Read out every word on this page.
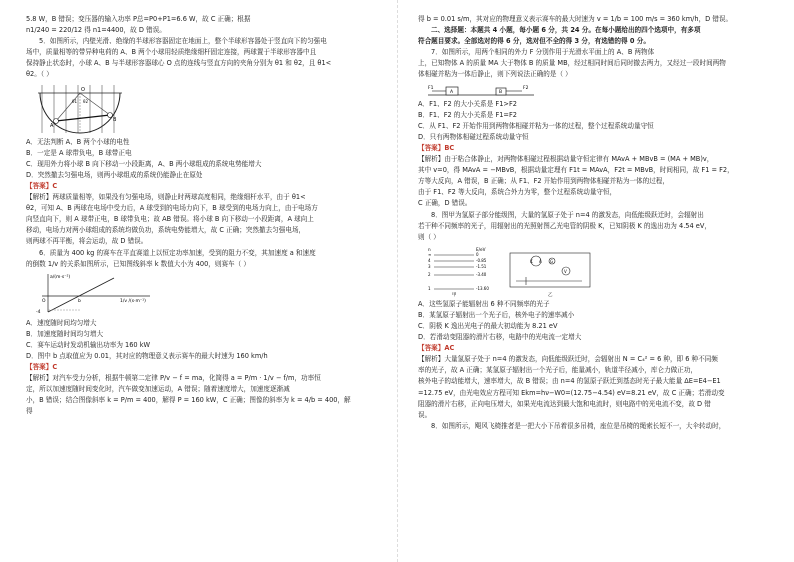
5.8 W，B 错误；变压器的输入功率 P总=P0+P1=6.6 W，故 C 正确；根据

n1/240 = 220/12 得 n1=4400，故 D 错误。

5．如图所示，内壁光滑、绝缘的半球形容器固定在地面上，整个半球形容器处于竖直向下的匀强电

场中，质量相等的带异种电荷的 A、B 两个小球用轻质绝缘细杆固定连接，两球置于半球形容器中且

保持静止状态时，小球 A、B 与半球形容器球心 O 点的连线与竖直方向的夹角分别为 θ1 和 θ2，且 θ1<

θ2。（ ）

O
A
B
θ1 θ2

A．无法判断 A、B 两个小球的电性

B．一定是 A 球带负电，B 球带正电

C．现用外力将小球 B 向下移动一小段距离，A、B 两小球组成的系统电势能增大

D．突然撤去匀强电场，则两小球组成的系统仍能静止在原处

【答案】C

【解析】两球质量相等，如果没有匀强电场，则静止时两球高度相同，绝缘细杆水平，由于 θ1<

θ2，可知 A、B 两球在电场中受力后，A 球受到的电场力向下，B 球受到的电场力向上，由于电场方

向竖直向下，则 A 球带正电，B 球带负电；故 AB 错误。将小球 B 向下移动一小段距离，A 球向上

移动，电场力对两小球组成的系统均做负功，系统电势能增大，故 C 正确；突然撤去匀强电场，

则两球不再平衡，将会运动，故 D 错误。

6．质量为 400 kg 的赛车在平直赛道上以恒定功率加速，受到的阻力不变，其加速度 a 和速度

的倒数 1/v 的关系如图所示，已知图线斜率 k 数值大小为 400，则赛车（ ）

a/(m·s⁻²)
O
-4
b	1/v /(s·m⁻¹)

A．速度随时间均匀增大

B．加速度随时间均匀增大

C．赛车运动时发动机输出功率为 160 kW

D．图中 b 点取值应为 0.01，其对应的物理意义表示赛车的最大时速为 160 km/h

【答案】C

【解析】对汽车受力分析，根据牛顿第二定律 P/v − f = ma，化简得 a = P/m · 1/v − f/m，功率恒

定，所以加速度随时间变化时，汽车做变加速运动，A 错误；随着速度增大，加速度逐渐减

小，B 错误；结合图像斜率 k = P/m = 400，解得 P = 160 kW，C 正确；图像的斜率为 k = 4/b = 400，解

得

得 b = 0.01 s/m，其对应的物理意义表示赛车的最大时速为 v = 1/b = 100 m/s = 360 km/h，D 错误。

二、选择题：本题共 4 小题，每小题 6 分，共 24 分。在每小题给出的四个选项中，有多项

符合题目要求。全部选对的得 6 分，选对但不全的得 3 分，有选错的得 0 分。

7．如图所示，用两个相同的外力 F 分别作用于光滑水平面上的 A、B 两物体

上，已知物体 A 的质量 MA 大于物体 B 的质量 MB，经过相同时间后同时撤去两力，又经过一段时间两物

体相碰并粘为一体后静止，则下列说法正确的是（ ）

F1
A	B
F2

A．F1、F2 的大小关系是 F1>F2

B．F1、F2 的大小关系是 F1=F2

C．从 F1、F2 开始作用到两物体相碰并粘为一体的过程，整个过程系统动量守恒

D．只有两物体相碰过程系统动量守恒

【答案】BC

【解析】由于粘合体静止，对两物体相碰过程根据动量守恒定律有 MAvA + MBvB = (MA + MB)v，

其中 v=0，得 MAvA = −MBvB，根据动量定理有 F1t = MAvA，F2t = MBvB，时间相同，故 F1 = F2，

方等大反向，A 错误，B 正确；从 F1、F2 开始作用到两物体相碰并粘为一体的过程，

由于 F1、F2 等大反向，系统合外力为零，整个过程系统动量守恒，

C 正确，D 错误。

8．图甲为氢原子部分能级图，大量的氢原子处于 n=4 的激发态，向低能级跃迁时，会辐射出

若干种不同频率的光子，用辐射出的光照射图乙光电管的阴极 K，已知阴极 K 的逸出功为 4.54 eV，

则（ ）

n	E/eV
∞	0
4	-0.85
3	-1.51
2	-3.40
1	-13.60
甲
K A
V
G
乙

A．这些氢原子能辐射出 6 种不同频率的光子

B．某氢原子辐射出一个光子后，核外电子的速率减小

C．阴极 K 逸出光电子的最大初动能为 8.21 eV

D．若滑动变阻器的滑片右移，电路中的光电流一定增大

【答案】AC

【解析】大量氢原子处于 n=4 的激发态，向低能级跃迁时，会辐射出 N = C₄² = 6 种，即 6 种不同频

率的光子，故 A 正确；某氢原子辐射出一个光子后，能量减小，轨道半径减小，库仑力做正功，

核外电子的动能增大，速率增大，故 B 错误；由 n=4 的氢原子跃迁到基态时光子最大能量 ΔE=E4−E1

=12.75 eV，由光电效应方程可知 Ekm=hν−W0=(12.75−4.54) eV=8.21 eV，故 C 正确；若滑动变

阻器的滑片右移，正向电压增大，如果光电流达到最大饱和电流时，则电路中的光电流不变，故 D 错

误。

8．如图所示，飓风飞椅推者是一把大小下吊着很多吊椅，座位是吊椅的绳索长短不一，大伞转动时，
